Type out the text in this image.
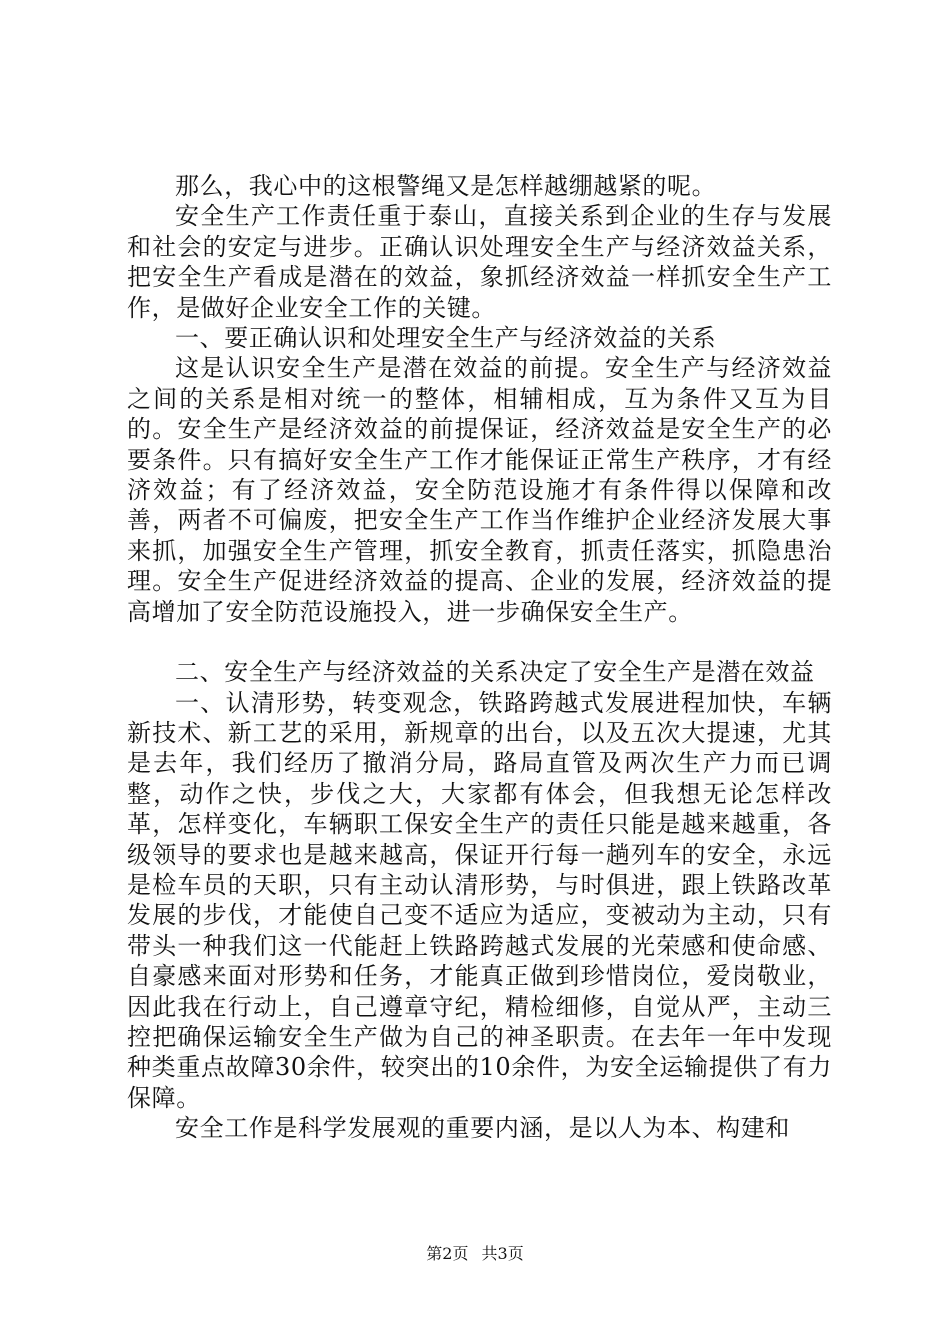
那么，我心中的这根警绳又是怎样越绷越紧的呢。

安全生产工作责任重于泰山，直接关系到企业的生存与发展和社会的安定与进步。正确认识处理安全生产与经济效益关系，把安全生产看成是潜在的效益，象抓经济效益一样抓安全生产工作，是做好企业安全工作的关键。

一、要正确认识和处理安全生产与经济效益的关系

这是认识安全生产是潜在效益的前提。安全生产与经济效益之间的关系是相对统一的整体，相辅相成，互为条件又互为目的。安全生产是经济效益的前提保证，经济效益是安全生产的必要条件。只有搞好安全生产工作才能保证正常生产秩序，才有经济效益；有了经济效益，安全防范设施才有条件得以保障和改善，两者不可偏废，把安全生产工作当作维护企业经济发展大事来抓，加强安全生产管理，抓安全教育，抓责任落实，抓隐患治理。安全生产促进经济效益的提高、企业的发展，经济效益的提高增加了安全防范设施投入，进一步确保安全生产。

二、安全生产与经济效益的关系决定了安全生产是潜在效益

一、认清形势，转变观念，铁路跨越式发展进程加快，车辆新技术、新工艺的采用，新规章的出台，以及五次大提速，尤其是去年，我们经历了撤消分局，路局直管及两次生产力而已调整，动作之快，步伐之大，大家都有体会，但我想无论怎样改革，怎样变化，车辆职工保安全生产的责任只能是越来越重，各级领导的要求也是越来越高，保证开行每一趟列车的安全，永远是检车员的天职，只有主动认清形势，与时俱进，跟上铁路改革发展的步伐，才能使自己变不适应为适应，变被动为主动，只有带头一种我们这一代能赶上铁路跨越式发展的光荣感和使命感、自豪感来面对形势和任务，才能真正做到珍惜岗位，爱岗敬业，因此我在行动上，自己遵章守纪，精检细修，自觉从严，主动三控把确保运输安全生产做为自己的神圣职责。在去年一年中发现种类重点故障30余件，较突出的10余件，为安全运输提供了有力保障。

安全工作是科学发展观的重要内涵，是以人为本、构建和

第2页 共3页
